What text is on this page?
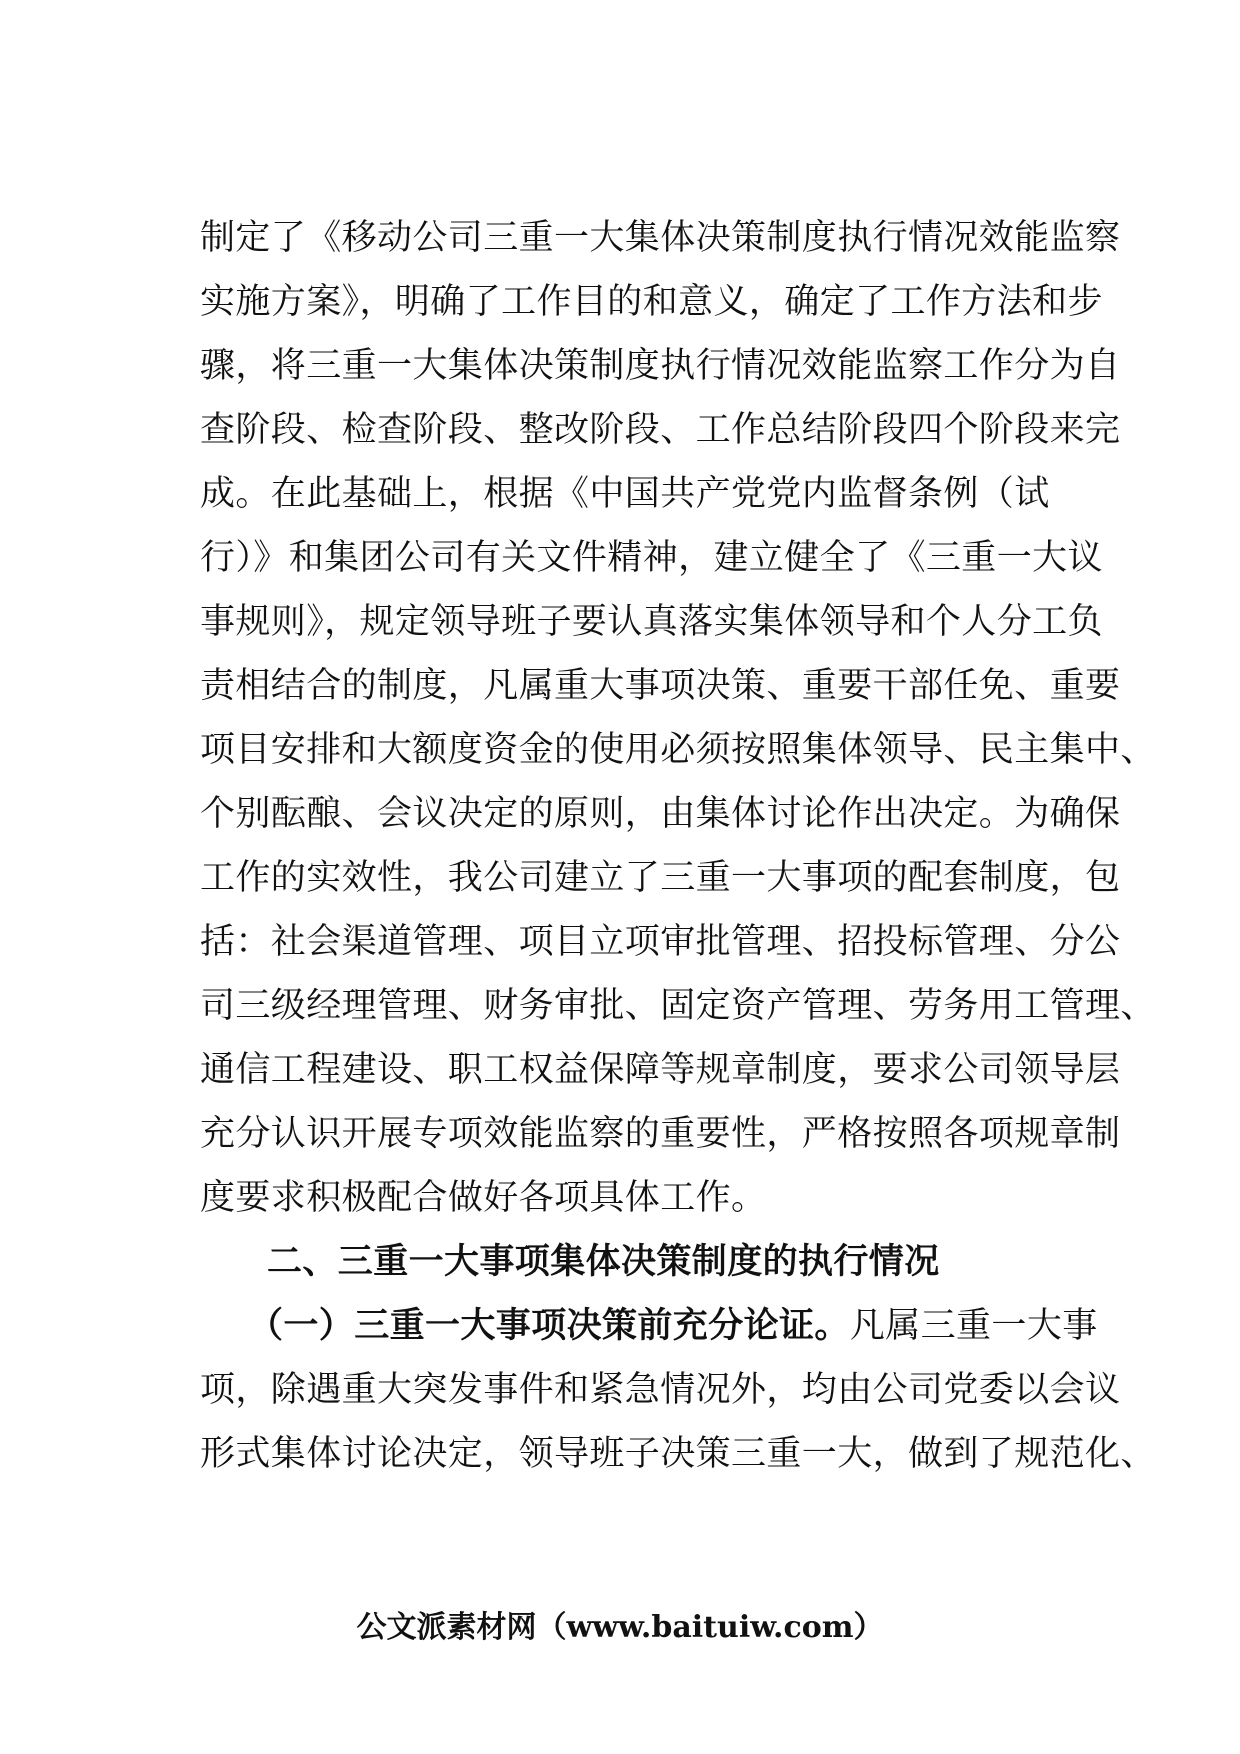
制定了《移动公司三重一大集体决策制度执行情况效能监察
实施方案》，明确了工作目的和意义，确定了工作方法和步
骤，将三重一大集体决策制度执行情况效能监察工作分为自
查阶段、检查阶段、整改阶段、工作总结阶段四个阶段来完
成。在此基础上，根据《中国共产党党内监督条例（试
行）》和集团公司有关文件精神，建立健全了《三重一大议
事规则》，规定领导班子要认真落实集体领导和个人分工负
责相结合的制度，凡属重大事项决策、重要干部任免、重要
项目安排和大额度资金的使用必须按照集体领导、民主集中、
个别酝酿、会议决定的原则，由集体讨论作出决定。为确保
工作的实效性，我公司建立了三重一大事项的配套制度，包
括：社会渠道管理、项目立项审批管理、招投标管理、分公
司三级经理管理、财务审批、固定资产管理、劳务用工管理、
通信工程建设、职工权益保障等规章制度，要求公司领导层
充分认识开展专项效能监察的重要性，严格按照各项规章制
度要求积极配合做好各项具体工作。
二、三重一大事项集体决策制度的执行情况
（一）三重一大事项决策前充分论证。凡属三重一大事
项，除遇重大突发事件和紧急情况外，均由公司党委以会议
形式集体讨论决定，领导班子决策三重一大，做到了规范化、
公文派素材网（www.baituiw.com）
